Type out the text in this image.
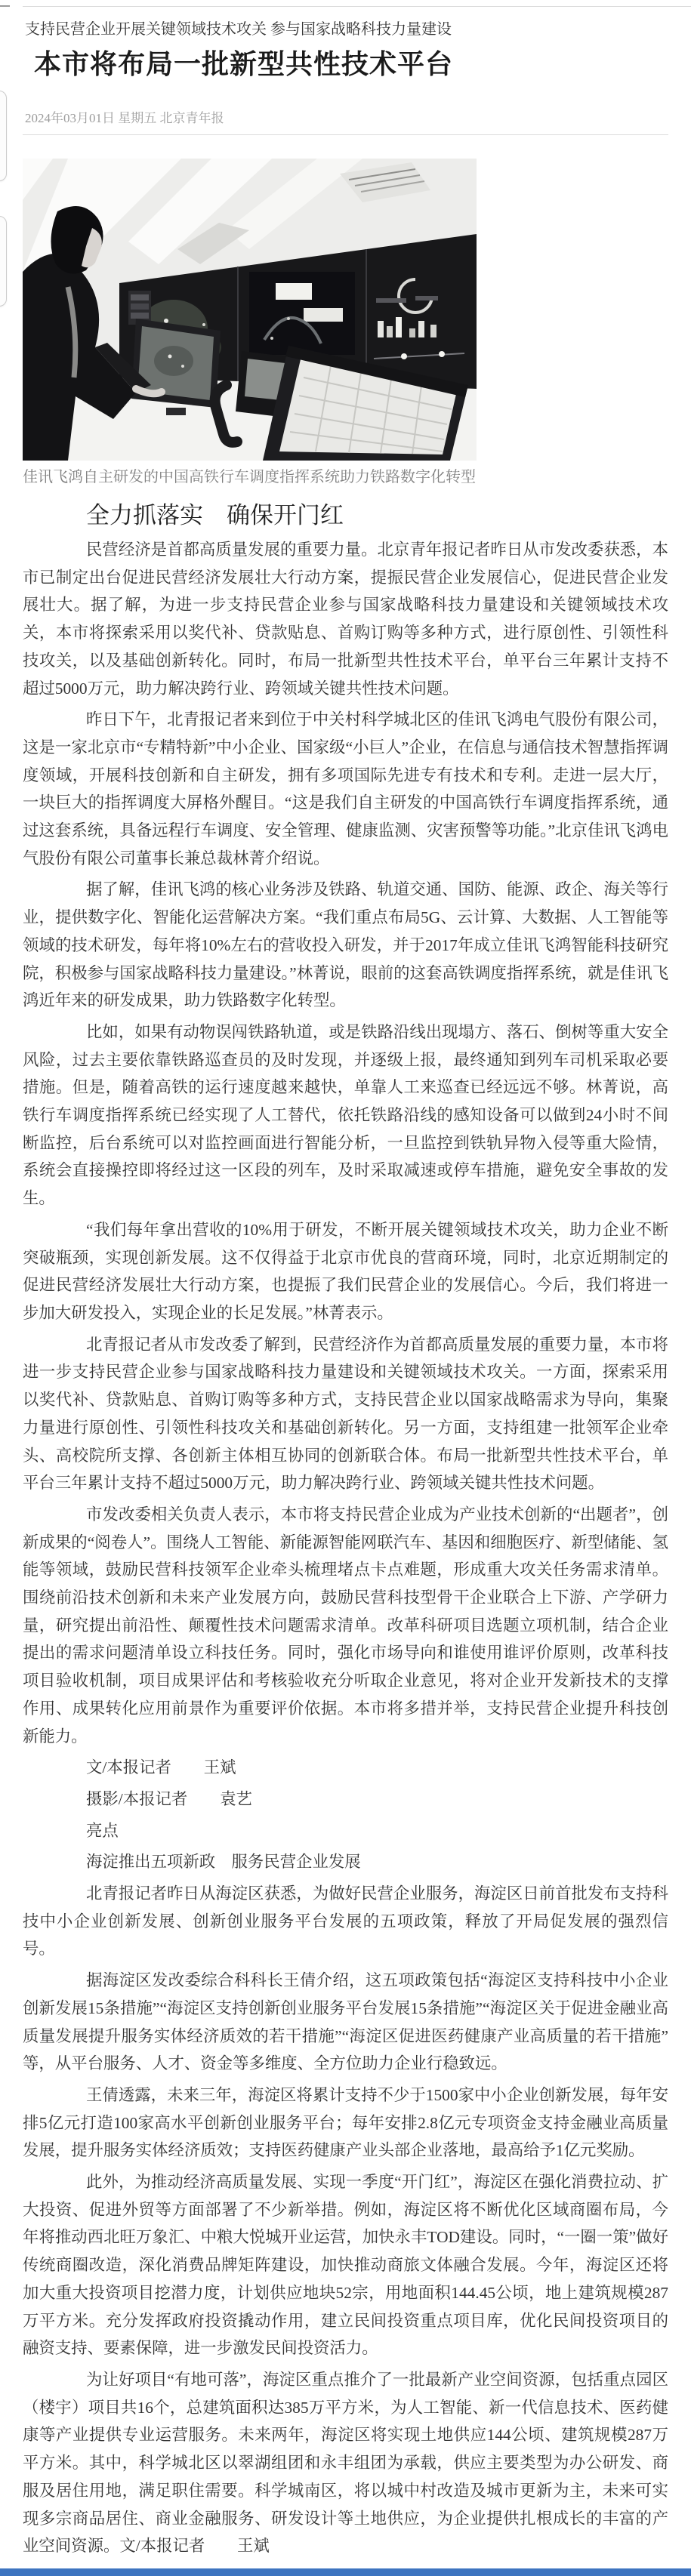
支持民营企业开展关键领域技术攻关 参与国家战略科技力量建设

本市将布局一批新型共性技术平台

2024年03月01日 星期五 北京青年报

佳讯飞鸿自主研发的中国高铁行车调度指挥系统助力铁路数字化转型
全力抓落实　确保开门红

民营经济是首都高质量发展的重要力量。北京青年报记者昨日从市发改委获悉，本市已制定出台促进民营经济发展壮大行动方案，提振民营企业发展信心，促进民营企业发展壮大。据了解，为进一步支持民营企业参与国家战略科技力量建设和关键领域技术攻关，本市将探索采用以奖代补、贷款贴息、首购订购等多种方式，进行原创性、引领性科技攻关，以及基础创新转化。同时，布局一批新型共性技术平台，单平台三年累计支持不超过5000万元，助力解决跨行业、跨领域关键共性技术问题。

昨日下午，北青报记者来到位于中关村科学城北区的佳讯飞鸿电气股份有限公司，这是一家北京市“专精特新”中小企业、国家级“小巨人”企业，在信息与通信技术智慧指挥调度领域，开展科技创新和自主研发，拥有多项国际先进专有技术和专利。走进一层大厅，一块巨大的指挥调度大屏格外醒目。“这是我们自主研发的中国高铁行车调度指挥系统，通过这套系统，具备远程行车调度、安全管理、健康监测、灾害预警等功能。”北京佳讯飞鸿电气股份有限公司董事长兼总裁林菁介绍说。

据了解，佳讯飞鸿的核心业务涉及铁路、轨道交通、国防、能源、政企、海关等行业，提供数字化、智能化运营解决方案。“我们重点布局5G、云计算、大数据、人工智能等领域的技术研发，每年将10%左右的营收投入研发，并于2017年成立佳讯飞鸿智能科技研究院，积极参与国家战略科技力量建设。”林菁说，眼前的这套高铁调度指挥系统，就是佳讯飞鸿近年来的研发成果，助力铁路数字化转型。

比如，如果有动物误闯铁路轨道，或是铁路沿线出现塌方、落石、倒树等重大安全风险，过去主要依靠铁路巡查员的及时发现，并逐级上报，最终通知到列车司机采取必要措施。但是，随着高铁的运行速度越来越快，单靠人工来巡查已经远远不够。林菁说，高铁行车调度指挥系统已经实现了人工替代，依托铁路沿线的感知设备可以做到24小时不间断监控，后台系统可以对监控画面进行智能分析，一旦监控到铁轨异物入侵等重大险情，系统会直接操控即将经过这一区段的列车，及时采取减速或停车措施，避免安全事故的发生。

“我们每年拿出营收的10%用于研发，不断开展关键领域技术攻关，助力企业不断突破瓶颈，实现创新发展。这不仅得益于北京市优良的营商环境，同时，北京近期制定的促进民营经济发展壮大行动方案，也提振了我们民营企业的发展信心。今后，我们将进一步加大研发投入，实现企业的长足发展。”林菁表示。

北青报记者从市发改委了解到，民营经济作为首都高质量发展的重要力量，本市将进一步支持民营企业参与国家战略科技力量建设和关键领域技术攻关。一方面，探索采用以奖代补、贷款贴息、首购订购等多种方式，支持民营企业以国家战略需求为导向，集聚力量进行原创性、引领性科技攻关和基础创新转化。另一方面，支持组建一批领军企业牵头、高校院所支撑、各创新主体相互协同的创新联合体。布局一批新型共性技术平台，单平台三年累计支持不超过5000万元，助力解决跨行业、跨领域关键共性技术问题。

市发改委相关负责人表示，本市将支持民营企业成为产业技术创新的“出题者”，创新成果的“阅卷人”。围绕人工智能、新能源智能网联汽车、基因和细胞医疗、新型储能、氢能等领域，鼓励民营科技领军企业牵头梳理堵点卡点难题，形成重大攻关任务需求清单。围绕前沿技术创新和未来产业发展方向，鼓励民营科技型骨干企业联合上下游、产学研力量，研究提出前沿性、颠覆性技术问题需求清单。改革科研项目选题立项机制，结合企业提出的需求问题清单设立科技任务。同时，强化市场导向和谁使用谁评价原则，改革科技项目验收机制，项目成果评估和考核验收充分听取企业意见，将对企业开发新技术的支撑作用、成果转化应用前景作为重要评价依据。本市将多措并举，支持民营企业提升科技创新能力。

文/本报记者　　王斌

摄影/本报记者　　袁艺

亮点

海淀推出五项新政　服务民营企业发展

北青报记者昨日从海淀区获悉，为做好民营企业服务，海淀区日前首批发布支持科技中小企业创新发展、创新创业服务平台发展的五项政策，释放了开局促发展的强烈信号。

据海淀区发改委综合科科长王倩介绍，这五项政策包括“海淀区支持科技中小企业创新发展15条措施”“海淀区支持创新创业服务平台发展15条措施”“海淀区关于促进金融业高质量发展提升服务实体经济质效的若干措施”“海淀区促进医药健康产业高质量的若干措施”等，从平台服务、人才、资金等多维度、全方位助力企业行稳致远。

王倩透露，未来三年，海淀区将累计支持不少于1500家中小企业创新发展，每年安排5亿元打造100家高水平创新创业服务平台；每年安排2.8亿元专项资金支持金融业高质量发展，提升服务实体经济质效；支持医药健康产业头部企业落地，最高给予1亿元奖励。

此外，为推动经济高质量发展、实现一季度“开门红”，海淀区在强化消费拉动、扩大投资、促进外贸等方面部署了不少新举措。例如，海淀区将不断优化区域商圈布局，今年将推动西北旺万象汇、中粮大悦城开业运营，加快永丰TOD建设。同时，“一圈一策”做好传统商圈改造，深化消费品牌矩阵建设，加快推动商旅文体融合发展。今年，海淀区还将加大重大投资项目挖潜力度，计划供应地块52宗，用地面积144.45公顷，地上建筑规模287万平方米。充分发挥政府投资撬动作用，建立民间投资重点项目库，优化民间投资项目的融资支持、要素保障，进一步激发民间投资活力。

为让好项目“有地可落”，海淀区重点推介了一批最新产业空间资源，包括重点园区（楼宇）项目共16个，总建筑面积达385万平方米，为人工智能、新一代信息技术、医药健康等产业提供专业运营服务。未来两年，海淀区将实现土地供应144公顷、建筑规模287万平方米。其中，科学城北区以翠湖组团和永丰组团为承载，供应主要类型为办公研发、商服及居住用地，满足职住需要。科学城南区，将以城中村改造及城市更新为主，未来可实现多宗商品居住、商业金融服务、研发设计等土地供应，为企业提供扎根成长的丰富的产业空间资源。文/本报记者　　王斌
